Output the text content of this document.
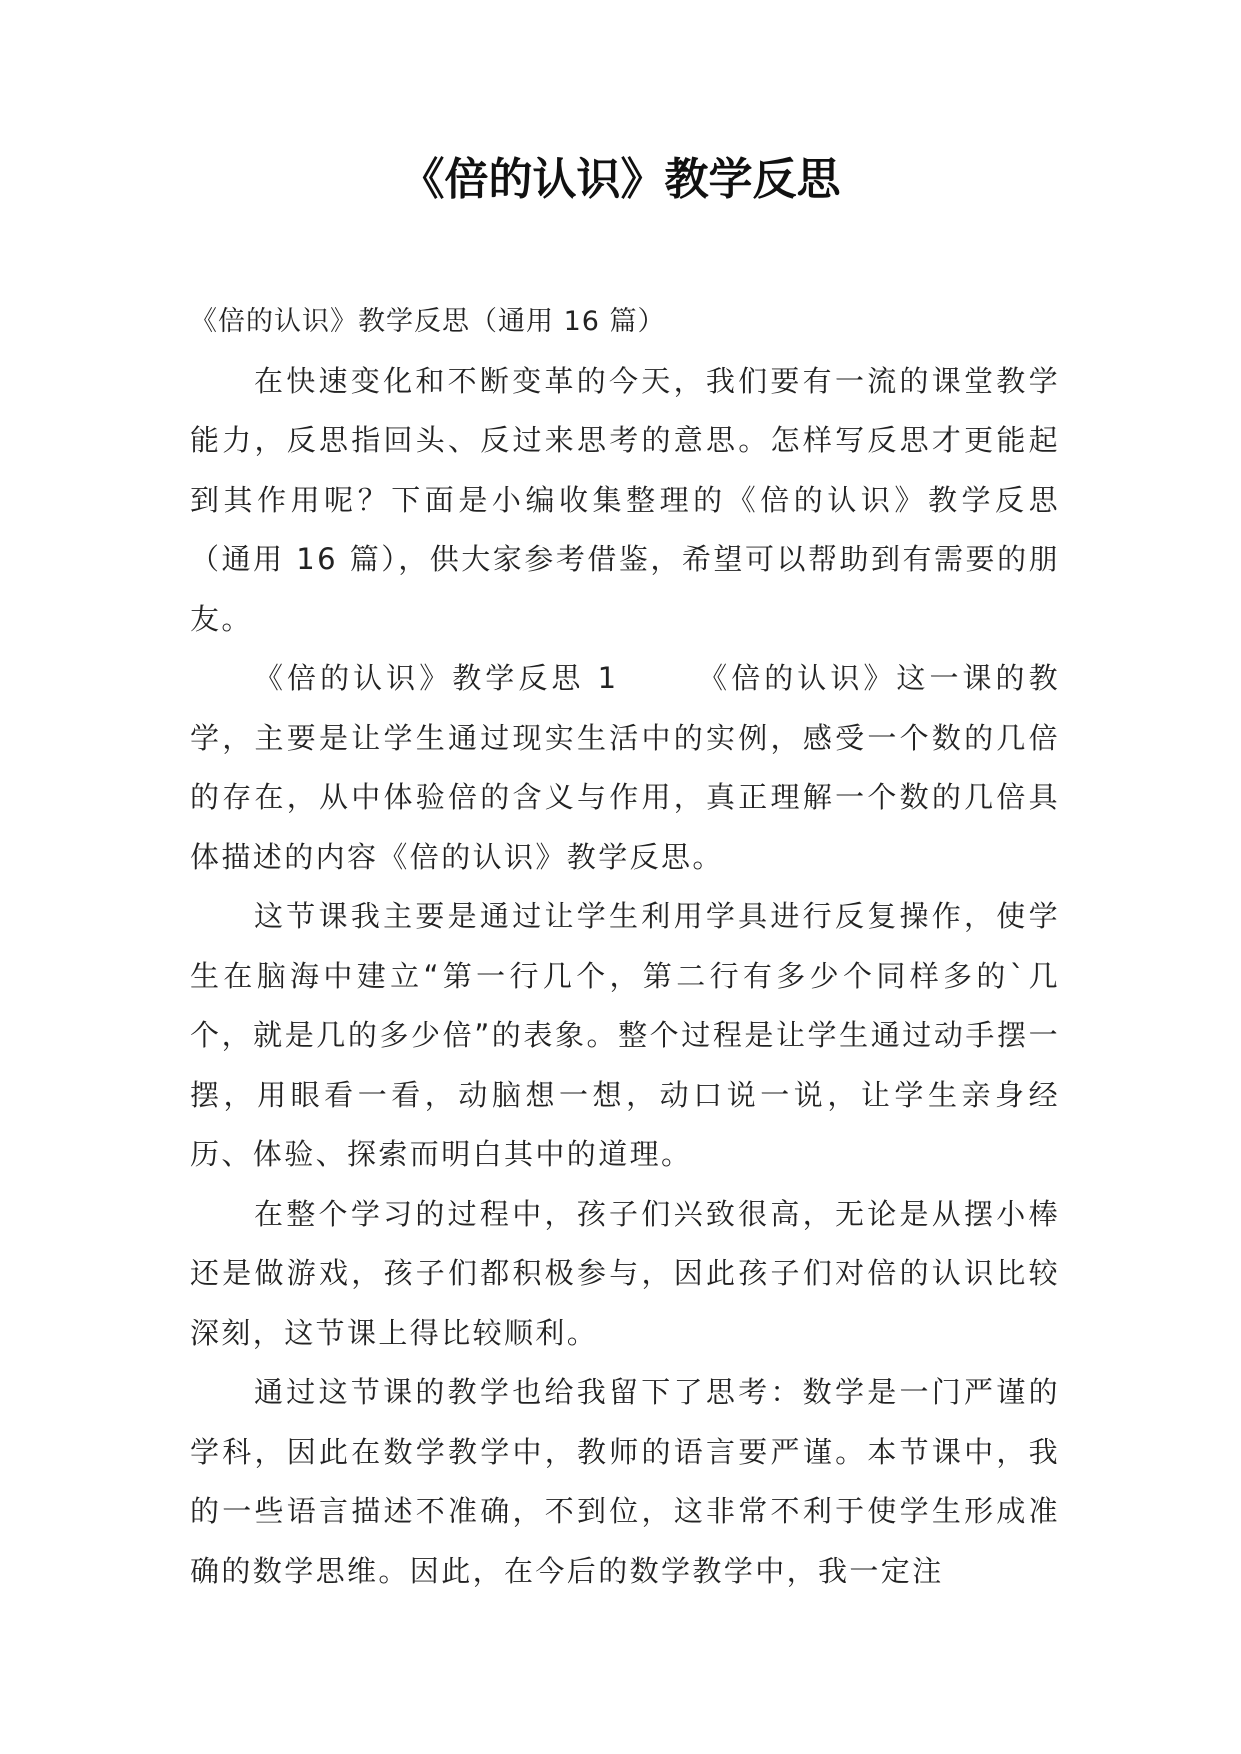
《倍的认识》教学反思

《倍的认识》教学反思（通用 16 篇）

在快速变化和不断变革的今天，我们要有一流的课堂教学能力，反思指回头、反过来思考的意思。怎样写反思才更能起到其作用呢？下面是小编收集整理的《倍的认识》教学反思（通用 16 篇），供大家参考借鉴，希望可以帮助到有需要的朋友。

《倍的认识》教学反思 1	《倍的认识》这一课的教学，主要是让学生通过现实生活中的实例，感受一个数的几倍的存在，从中体验倍的含义与作用，真正理解一个数的几倍具体描述的内容《倍的认识》教学反思。

这节课我主要是通过让学生利用学具进行反复操作，使学生在脑海中建立“第一行几个，第二行有多少个同样多的`几个，就是几的多少倍”的表象。整个过程是让学生通过动手摆一摆，用眼看一看，动脑想一想，动口说一说，让学生亲身经历、体验、探索而明白其中的道理。

在整个学习的过程中，孩子们兴致很高，无论是从摆小棒还是做游戏，孩子们都积极参与，因此孩子们对倍的认识比较深刻，这节课上得比较顺利。

通过这节课的教学也给我留下了思考：数学是一门严谨的学科，因此在数学教学中，教师的语言要严谨。本节课中，我的一些语言描述不准确，不到位，这非常不利于使学生形成准确的数学思维。因此，在今后的数学教学中，我一定注
